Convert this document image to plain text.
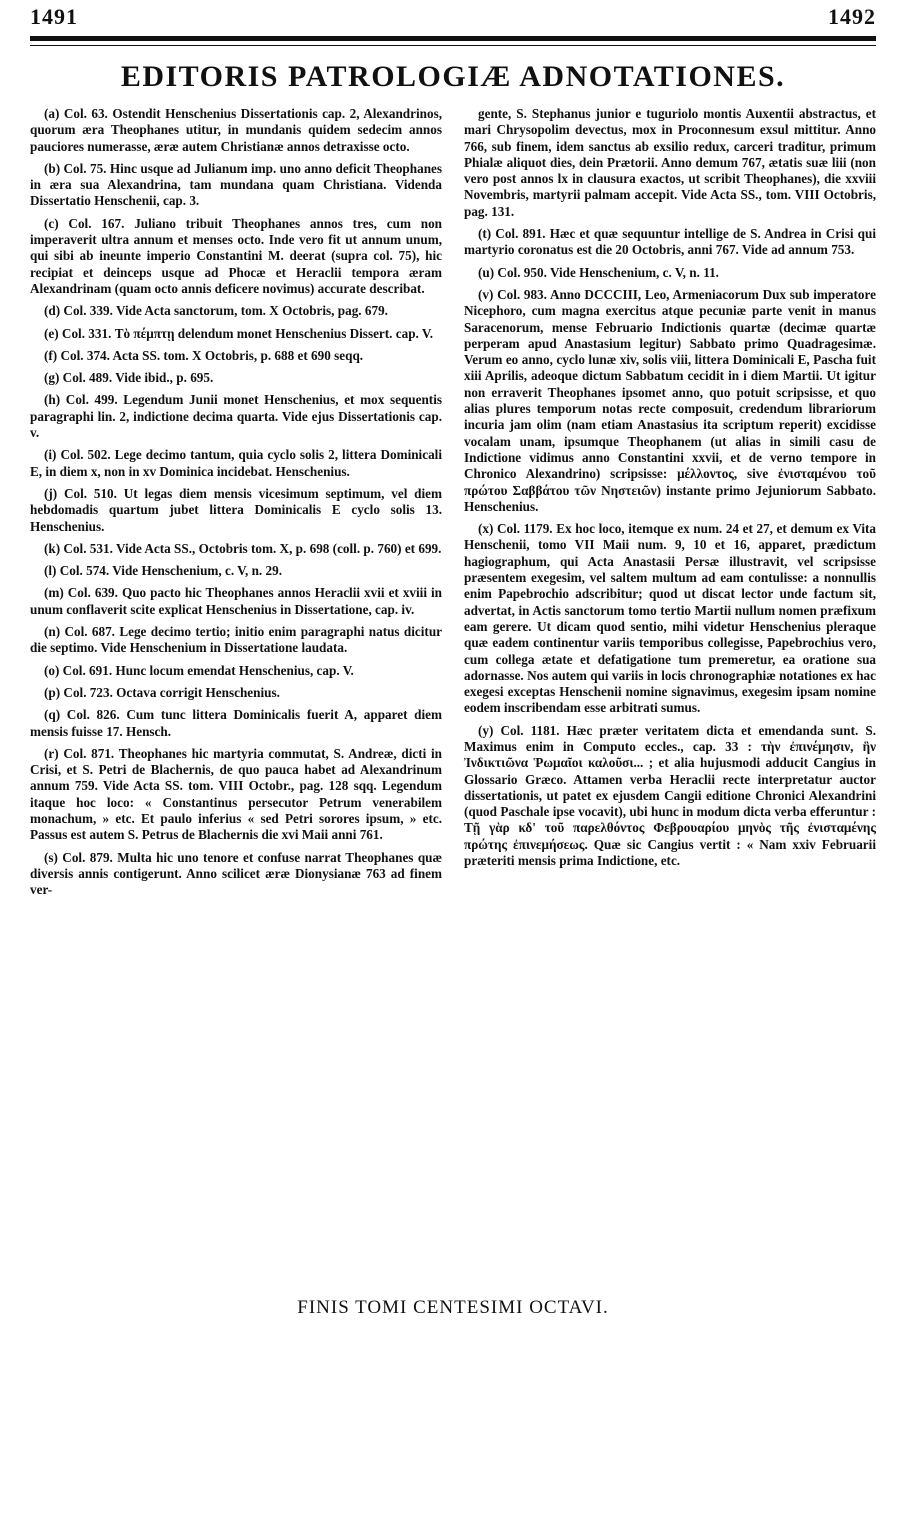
1491	1492
EDITORIS PATROLOGIÆ ADNOTATIONES.

(a) Col. 63. Ostendit Henschenius Dissertationis cap. 2, Alexandrinos, quorum æra Theophanes utitur, in mundanis quidem sedecim annos pauciores numerasse, æræ autem Christianæ annos detraxisse octo.

(b) Col. 75. Hinc usque ad Julianum imp. uno anno deficit Theophanes in æra sua Alexandrina, tam mundana quam Christiana. Videnda Dissertatio Henschenii, cap. 3.

(c) Col. 167. Juliano tribuit Theophanes annos tres, cum non imperaverit ultra annum et menses octo. Inde vero fit ut annum unum, qui sibi ab ineunte imperio Constantini M. deerat (supra col. 75), hic recipiat et deinceps usque ad Phocæ et Heraclii tempora æram Alexandrinam (quam octo annis deficere novimus) accurate describat.

(d) Col. 339. Vide Acta sanctorum, tom. X Octobris, pag. 679.

(e) Col. 331. Τὸ πέμπτῃ delendum monet Henschenius Dissert. cap. V.

(f) Col. 374. Acta SS. tom. X Octobris, p. 688 et 690 seqq.

(g) Col. 489. Vide ibid., p. 695.

(h) Col. 499. Legendum Junii monet Henschenius, et mox sequentis paragraphi lin. 2, indictione decima quarta. Vide ejus Dissertationis cap. v.

(i) Col. 502. Lege decimo tantum, quia cyclo solis 2, littera Dominicali E, in diem x, non in xv Dominica incidebat. Henschenius.

(j) Col. 510. Ut legas diem mensis vicesimum septimum, vel diem hebdomadis quartum jubet littera Dominicalis E cyclo solis 13. Henschenius.

(k) Col. 531. Vide Acta SS., Octobris tom. X, p. 698 (coll. p. 760) et 699.

(l) Col. 574. Vide Henschenium, c. V, n. 29.

(m) Col. 639. Quo pacto hic Theophanes annos Heraclii xvii et xviii in unum conflaverit scite explicat Henschenius in Dissertatione, cap. iv.

(n) Col. 687. Lege decimo tertio; initio enim paragraphi natus dicitur die septimo. Vide Henschenium in Dissertatione laudata.

(o) Col. 691. Hunc locum emendat Henschenius, cap. V.

(p) Col. 723. Octava corrigit Henschenius.

(q) Col. 826. Cum tunc littera Dominicalis fuerit A, apparet diem mensis fuisse 17. Hensch.

(r) Col. 871. Theophanes hic martyria commutat, S. Andreæ, dicti in Crisi, et S. Petri de Blachernis, de quo pauca habet ad Alexandrinum annum 759. Vide Acta SS. tom. VIII Octobr., pag. 128 sqq. Legendum itaque hoc loco: « Constantinus persecutor Petrum venerabilem monachum, » etc. Et paulo inferius « sed Petri sorores ipsum, » etc. Passus est autem S. Petrus de Blachernis die xvi Maii anni 761.

(s) Col. 879. Multa hic uno tenore et confuse narrat Theophanes quæ diversis annis contigerunt. Anno scilicet æræ Dionysianæ 763 ad finem ver-

gente, S. Stephanus junior e tuguriolo montis Auxentii abstractus, et mari Chrysopolim devectus, mox in Proconnesum exsul mittitur. Anno 766, sub finem, idem sanctus ab exsilio redux, carceri traditur, primum Phialæ aliquot dies, dein Prætorii. Anno demum 767, ætatis suæ liii (non vero post annos lx in clausura exactos, ut scribit Theophanes), die xxviii Novembris, martyrii palmam accepit. Vide Acta SS., tom. VIII Octobris, pag. 131.

(t) Col. 891. Hæc et quæ sequuntur intellige de S. Andrea in Crisi qui martyrio coronatus est die 20 Octobris, anni 767. Vide ad annum 753.

(u) Col. 950. Vide Henschenium, c. V, n. 11.

(v) Col. 983. Anno DCCCIII, Leo, Armeniacorum Dux sub imperatore Nicephoro, cum magna exercitus atque pecuniæ parte venit in manus Saracenorum, mense Februario Indictionis quartæ (decimæ quartæ perperam apud Anastasium legitur) Sabbato primo Quadragesimæ. Verum eo anno, cyclo lunæ xiv, solis viii, littera Dominicali E, Pascha fuit xiii Aprilis, adeoque dictum Sabbatum cecidit in i diem Martii. Ut igitur non erraverit Theophanes ipsomet anno, quo potuit scripsisse, et quo alias plures temporum notas recte composuit, credendum librariorum incuria jam olim (nam etiam Anastasius ita scriptum reperit) excidisse vocalam unam, ipsumque Theophanem (ut alias in simili casu de Indictione vidimus anno Constantini xxvii, et de verno tempore in Chronico Alexandrino) scripsisse: μέλλοντος, sive ἐνισταμένου τοῦ πρώτου Σαββάτου τῶν Νηστειῶν) instante primo Jejuniorum Sabbato. Henschenius.

(x) Col. 1179. Ex hoc loco, itemque ex num. 24 et 27, et demum ex Vita Henschenii, tomo VII Maii num. 9, 10 et 16, apparet, prædictum hagiographum, qui Acta Anastasii Persæ illustravit, vel scripsisse præsentem exegesim, vel saltem multum ad eam contulisse: a nonnullis enim Papebrochio adscribitur; quod ut discat lector unde factum sit, advertat, in Actis sanctorum tomo tertio Martii nullum nomen præfixum eam gerere. Ut dicam quod sentio, mihi videtur Henschenius pleraque quæ eadem continentur variis temporibus collegisse, Papebrochius vero, cum collega ætate et defatigatione tum premeretur, ea oratione sua adornasse. Nos autem qui variis in locis chronographiæ notationes ex hac exegesi exceptas Henschenii nomine signavimus, exegesim ipsam nomine eodem inscribendam esse arbitrati sumus.

(y) Col. 1181. Hæc præter veritatem dicta et emendanda sunt. S. Maximus enim in Computo eccles., cap. 33 : τὴν ἐπινέμησιν, ἣν Ἰνδικτιῶνα Ῥωμαῖοι καλοῦσι... ; et alia hujusmodi adducit Cangius in Glossario Græco. Attamen verba Heraclii recte interpretatur auctor dissertationis, ut patet ex ejusdem Cangii editione Chronici Alexandrini (quod Paschale ipse vocavit), ubi hunc in modum dicta verba efferuntur : Τῇ γὰρ κδ' τοῦ παρελθόντος Φεβρουαρίου μηνὸς τῆς ἐνισταμένης πρώτης ἐπινεμήσεως. Quæ sic Cangius vertit : « Nam xxiv Februarii præteriti mensis prima Indictione, etc.

FINIS TOMI CENTESIMI OCTAVI.
